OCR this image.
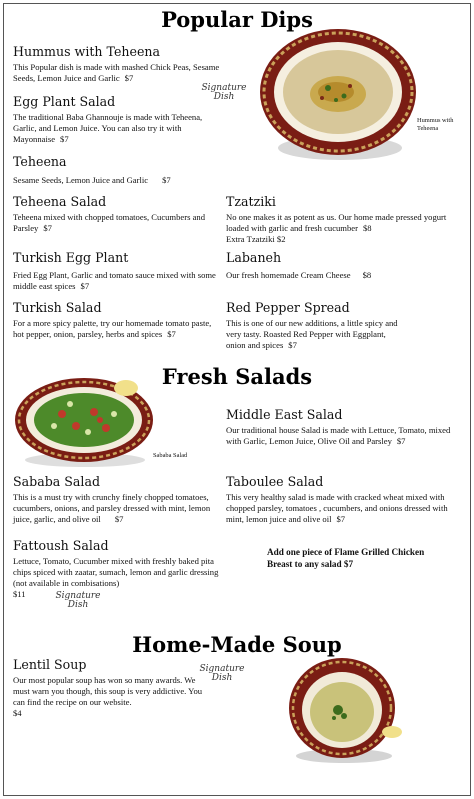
Popular Dips
Hummus with
Teheena
Hummus with Teheena
This Popular dish is made with mashed Chick Peas, Sesame Seeds, Lemon Juice and Garlic $7
Signature
Dish
Egg Plant Salad
The traditional Baba Ghannouje is made with Teheena, Garlic, and Lemon Juice. You can also try it with Mayonnaise $7
Teheena
Sesame Seeds, Lemon Juice and Garlic $7
Teheena Salad
Teheena mixed with chopped tomatoes, Cucumbers and Parsley $7
Tzatziki
No one makes it as potent as us. Our home made pressed yogurt loaded with garlic and fresh cucumber $8
Extra Tzatziki $2
Turkish Egg Plant
Fried Egg Plant, Garlic and tomato sauce mixed with some middle east spices $7
Labaneh
Our fresh homemade Cream Cheese $8
Turkish Salad
For a more spicy palette, try our homemade tomato paste, hot pepper, onion, parsley, herbs and spices $7
Red Pepper Spread
This is one of our new additions, a little spicy and very tasty. Roasted Red Pepper with Eggplant, onion and spices $7
Fresh Salads
Sababa Salad
Middle East Salad
Our traditional house Salad is made with Lettuce, Tomato, mixed with Garlic, Lemon Juice, Olive Oil and Parsley $7
Sababa Salad
This is a must try with crunchy finely chopped tomatoes, cucumbers, onions, and parsley dressed with mint, lemon juice, garlic, and olive oil $7
Taboulee Salad
This very healthy salad is made with cracked wheat mixed with chopped parsley, tomatoes , cucumbers, and onions dressed with mint, lemon juice and olive oil $7
Fattoush Salad
Lettuce, Tomato, Cucumber mixed with freshly baked pita chips spiced with zaatar, sumach, lemon and garlic dressing (not available in combisations)
$11	Signature
Dish
Add one piece of Flame Grilled Chicken Breast to any salad $7
Home-Made Soup
Lentil Soup
Our most popular soup has won so many awards. We must warn you though, this soup is very addictive. You can find the recipe on our website.
$4
Signature
Dish
